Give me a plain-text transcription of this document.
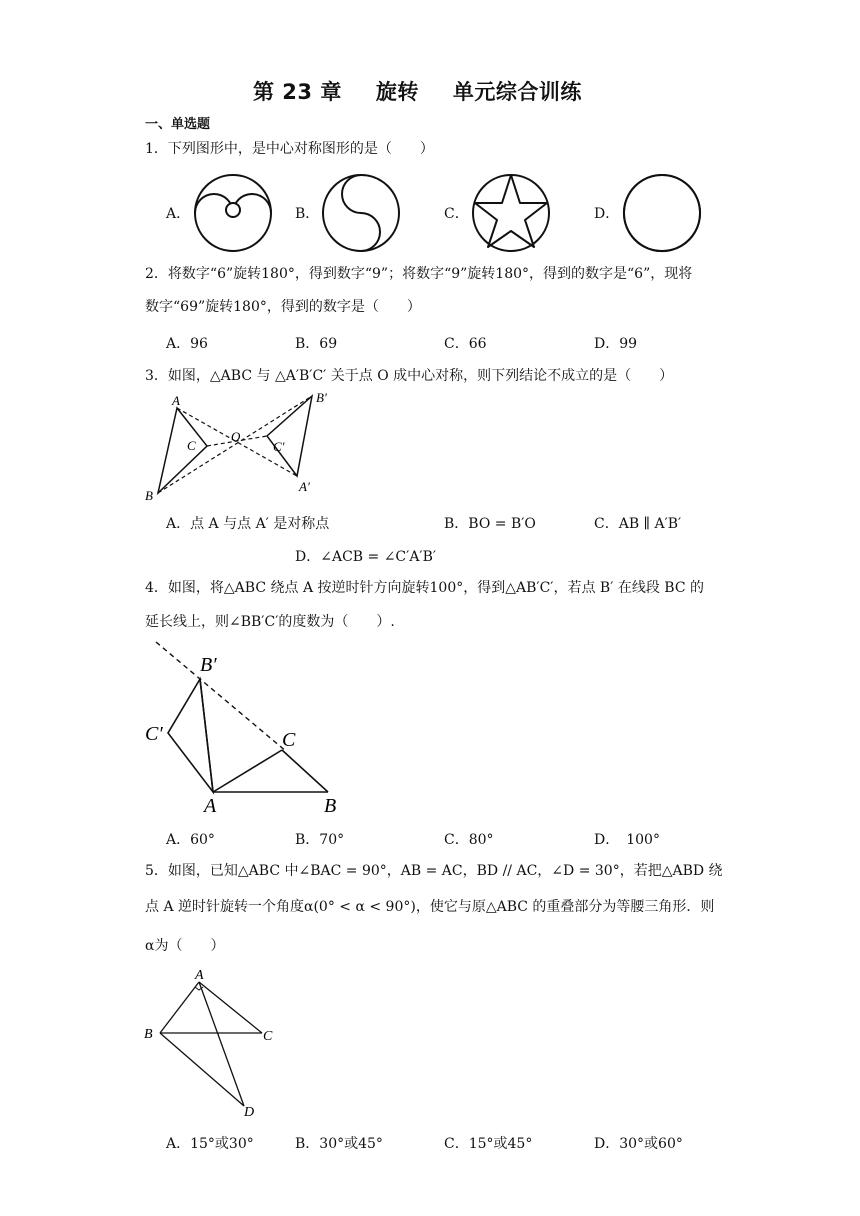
第 23 章 旋转 单元综合训练
一、单选题
1．下列图形中，是中心对称图形的是（　　）
A．	B．	C．	D．
2．将数字“6”旋转180°，得到数字“9”；将数字“9”旋转180°，得到的数字是“6”，现将
数字“69”旋转180°，得到的数字是（　　）
A．96	B．69	C．66	D．99
3．如图，△ABC 与 △A′B′C′ 关于点 O 成中心对称，则下列结论不成立的是（　　）
A
B
C
O
C′
A′
B′
A．点 A 与点 A′ 是对称点	B．BO = B′O	C．AB ∥ A′B′
D．∠ACB = ∠C′A′B′
4．如图，将△ABC 绕点 A 按逆时针方向旋转100°，得到△AB′C′，若点 B′ 在线段 BC 的
延长线上，则∠BB′C′的度数为（　　）.
B′
C′	C
A	B
A．60°	B．70°	C．80°	D．　100°
5．如图，已知△ABC 中∠BAC = 90°，AB = AC，BD // AC，∠D = 30°，若把△ABD 绕
点 A 逆时针旋转一个角度α(0° < α < 90°)，使它与原△ABC 的重叠部分为等腰三角形．则
α为（　　）
A
B	C
D
A．15°或30°	B．30°或45°	C．15°或45°	D．30°或60°
